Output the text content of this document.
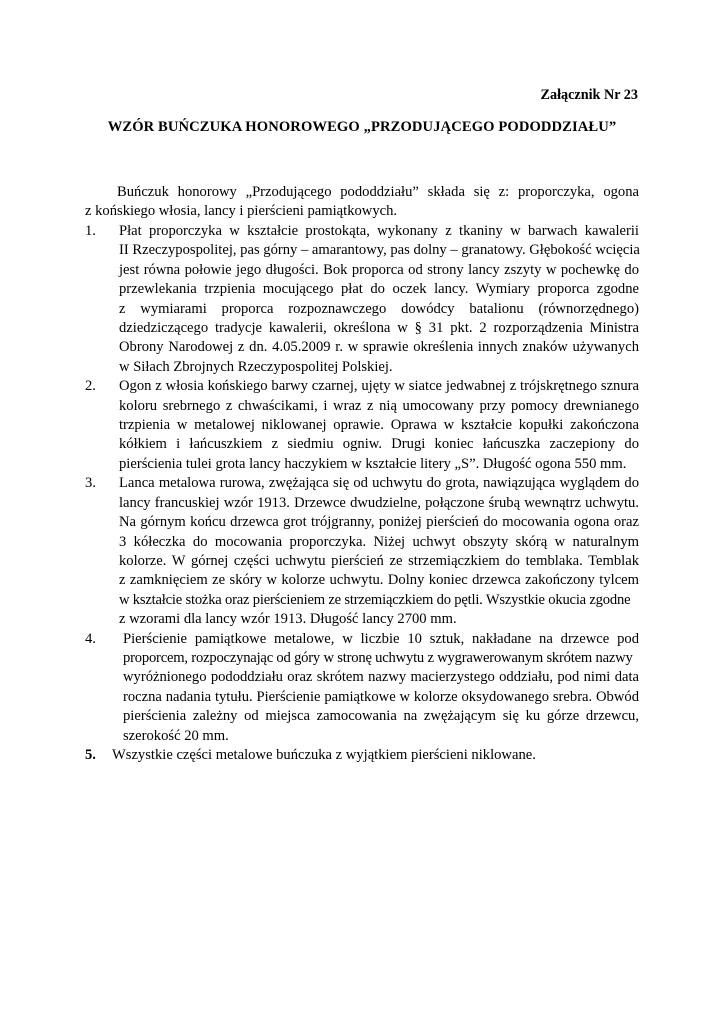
Załącznik Nr 23
WZÓR BUŃCZUKA HONOROWEGO „PRZODUJĄCEGO PODODDZIAŁU”
Buńczuk honorowy „Przodującego pododdziału” składa się z: proporczyka, ogona
z końskiego włosia, lancy i pierścieni pamiątkowych.
1. Płat proporczyka w kształcie prostokąta, wykonany z tkaniny w barwach kawalerii
II Rzeczypospolitej, pas górny – amarantowy, pas dolny – granatowy. Głębokość wcięcia
jest równa połowie jego długości. Bok proporca od strony lancy zszyty w pochewkę do
przewlekania trzpienia mocującego płat do oczek lancy. Wymiary proporca zgodne
z wymiarami proporca rozpoznawczego dowódcy batalionu (równorzędnego)
dziedziczącego tradycje kawalerii, określona w § 31 pkt. 2 rozporządzenia Ministra
Obrony Narodowej z dn. 4.05.2009 r. w sprawie określenia innych znaków używanych
w Siłach Zbrojnych Rzeczypospolitej Polskiej.
2. Ogon z włosia końskiego barwy czarnej, ujęty w siatce jedwabnej z trójskrętnego sznura
koloru srebrnego z chwaścikami, i wraz z nią umocowany przy pomocy drewnianego
trzpienia w metalowej niklowanej oprawie. Oprawa w kształcie kopułki zakończona
kółkiem i łańcuszkiem z siedmiu ogniw. Drugi koniec łańcuszka zaczepiony do
pierścienia tulei grota lancy haczykiem w kształcie litery „S”. Długość ogona 550 mm.
3. Lanca metalowa rurowa, zwężająca się od uchwytu do grota, nawiązująca wyglądem do
lancy francuskiej wzór 1913. Drzewce dwudzielne, połączone śrubą wewnątrz uchwytu.
Na górnym końcu drzewca grot trójgranny, poniżej pierścień do mocowania ogona oraz
3 kółeczka do mocowania proporczyka. Niżej uchwyt obszyty skórą w naturalnym
kolorze. W górnej części uchwytu pierścień ze strzemiączkiem do temblaka. Temblak
z zamknięciem ze skóry w kolorze uchwytu. Dolny koniec drzewca zakończony tylcem
w kształcie stożka oraz pierścieniem ze strzemiączkiem do pętli. Wszystkie okucia zgodne
z wzorami dla lancy wzór 1913. Długość lancy 2700 mm.
4. Pierścienie pamiątkowe metalowe, w liczbie 10 sztuk, nakładane na drzewce pod
proporcem, rozpoczynając od góry w stronę uchwytu z wygrawerowanym skrótem nazwy
wyróżnionego pododdziału oraz skrótem nazwy macierzystego oddziału, pod nimi data
roczna nadania tytułu. Pierścienie pamiątkowe w kolorze oksydowanego srebra. Obwód
pierścienia zależny od miejsca zamocowania na zwężającym się ku górze drzewcu,
szerokość 20 mm.
5. Wszystkie części metalowe buńczuka z wyjątkiem pierścieni niklowane.
